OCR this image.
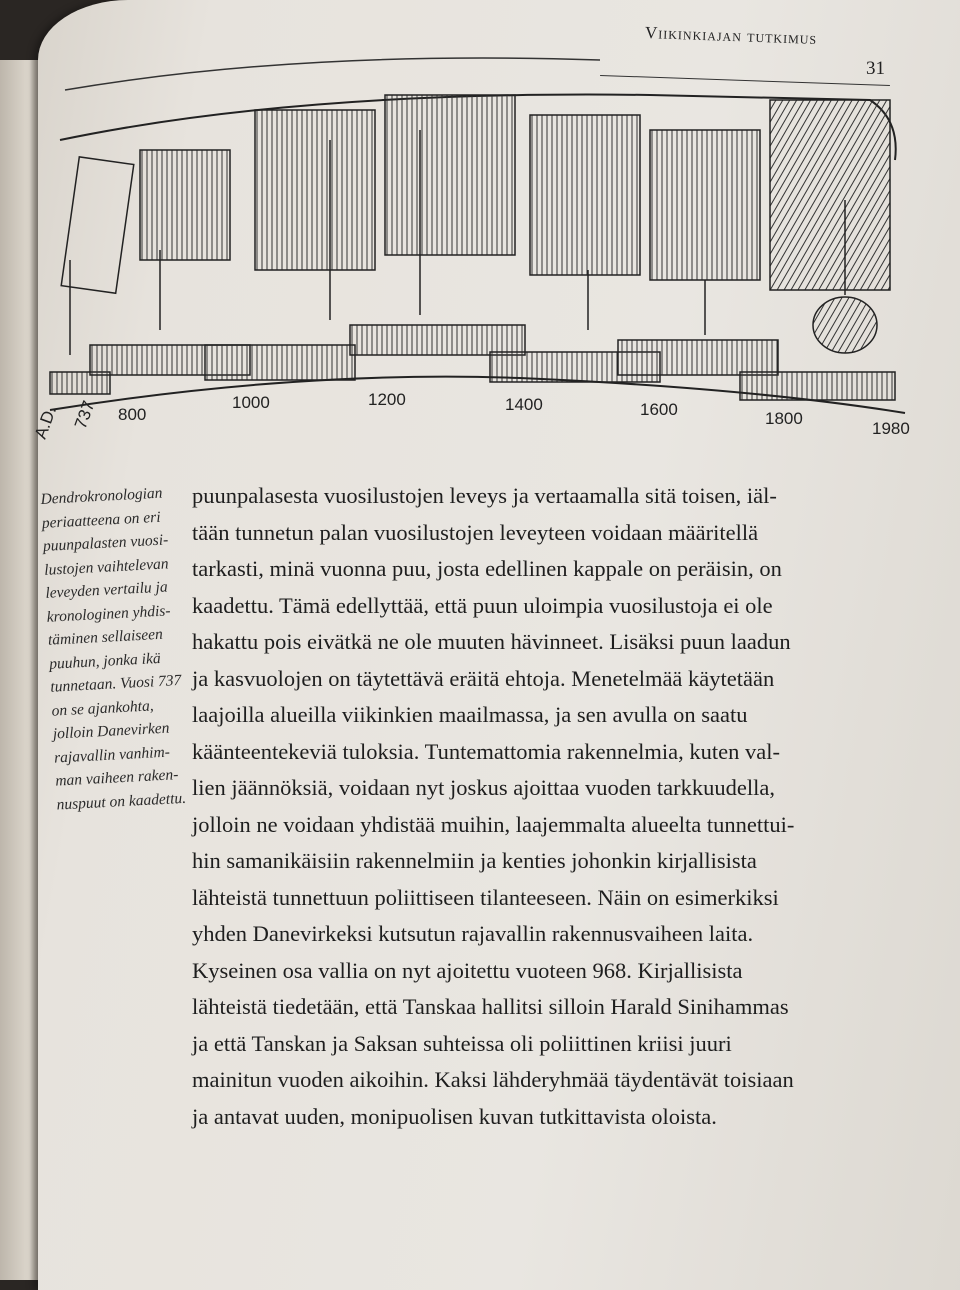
Viikinkiajan tutkimus
31
A.D. 737 800
1000	1200	1400	1600	1800
1980
Dendrokronologian
periaatteena on eri
puunpalasten vuosi-
lustojen vaihtelevan
leveyden vertailu ja
kronologinen yhdis-
täminen sellaiseen
puuhun, jonka ikä
tunnetaan. Vuosi 737
on se ajankohta,
jolloin Danevirken
rajavallin vanhim-
man vaiheen raken-
nuspuut on kaadettu.
puunpalasesta vuosilustojen leveys ja vertaamalla sitä toisen, iäl-
tään tunnetun palan vuosilustojen leveyteen voidaan määritellä
tarkasti, minä vuonna puu, josta edellinen kappale on peräisin, on
kaadettu. Tämä edellyttää, että puun uloimpia vuosilustoja ei ole
hakattu pois eivätkä ne ole muuten hävinneet. Lisäksi puun laadun
ja kasvuolojen on täytettävä eräitä ehtoja. Menetelmää käytetään
laajoilla alueilla viikinkien maailmassa, ja sen avulla on saatu
käänteentekeviä tuloksia. Tuntemattomia rakennelmia, kuten val-
lien jäännöksiä, voidaan nyt joskus ajoittaa vuoden tarkkuudella,
jolloin ne voidaan yhdistää muihin, laajemmalta alueelta tunnettui-
hin samanikäisiin rakennelmiin ja kenties johonkin kirjallisista
lähteistä tunnettuun poliittiseen tilanteeseen. Näin on esimerkiksi
yhden Danevirkeksi kutsutun rajavallin rakennusvaiheen laita.
Kyseinen osa vallia on nyt ajoitettu vuoteen 968. Kirjallisista
lähteistä tiedetään, että Tanskaa hallitsi silloin Harald Sinihammas
ja että Tanskan ja Saksan suhteissa oli poliittinen kriisi juuri
mainitun vuoden aikoihin. Kaksi lähderyhmää täydentävät toisiaan
ja antavat uuden, monipuolisen kuvan tutkittavista oloista.
